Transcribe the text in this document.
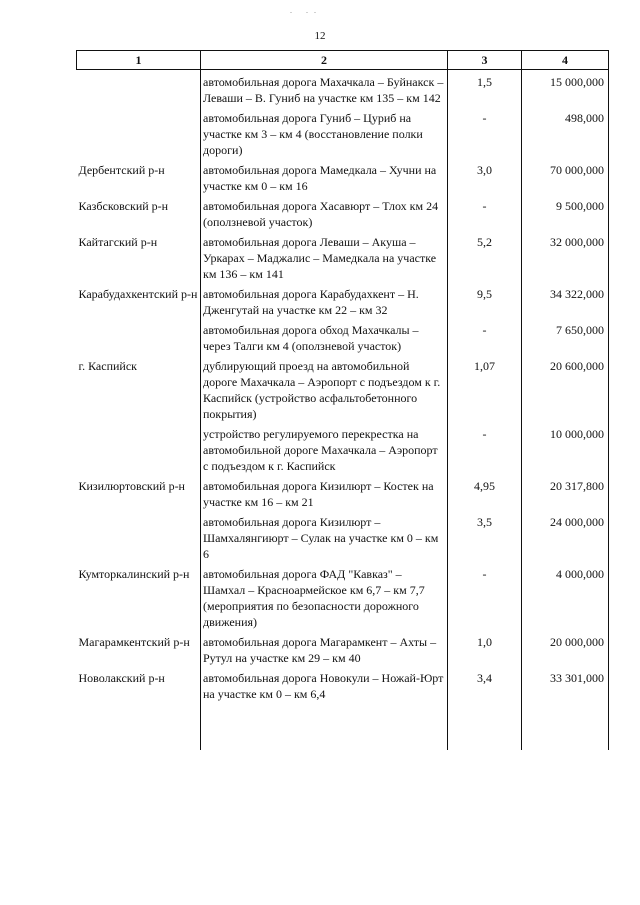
. ..
12
1	2	3	4

	автомобильная дорога Махачкала – Буйнакск – Леваши – В. Гуниб на участке км 135 – км 142	1,5	15 000,000
	автомобильная дорога Гуниб – Цуриб на участке км 3 – км 4 (восстановление полки дороги)	-	498,000
Дербентский р-н	автомобильная дорога Мамедкала – Хучни на участке км 0 – км 16	3,0	70 000,000
Казбсковский р-н	автомобильная дорога Хасавюрт – Тлох км 24 (оползневой участок)	-	9 500,000
Кайтагский р-н	автомобильная дорога Леваши – Акуша – Уркарах – Маджалис – Мамедкала на участке км 136 – км 141	5,2	32 000,000
Карабудахкентский р-н	автомобильная дорога Карабудахкент – Н. Дженгутай на участке км 22 – км 32	9,5	34 322,000
	автомобильная дорога обход Махачкалы – через Талги км 4 (оползневой участок)	-	7 650,000
г. Каспийск	дублирующий проезд на автомобильной дороге Махачкала – Аэропорт с подъездом к г. Каспийск (устройство асфальтобетонного покрытия)	1,07	20 600,000
	устройство регулируемого перекрестка на автомобильной дороге Махачкала – Аэропорт с подъездом к г. Каспийск	-	10 000,000
Кизилюртовский р-н	автомобильная дорога Кизилюрт – Костек на участке км 16 – км 21	4,95	20 317,800
	автомобильная дорога Кизилюрт – Шамхалянгиюрт – Сулак на участке км 0 – км 6	3,5	24 000,000
Кумторкалинский р-н	автомобильная дорога ФАД "Кавказ" – Шамхал – Красноармейское км 6,7 – км 7,7 (мероприятия по безопасности дорожного движения)	-	4 000,000
Магарамкентский р-н	автомобильная дорога Магарамкент – Ахты – Рутул на участке км 29 – км 40	1,0	20 000,000
Новолакский р-н	автомобильная дорога Новокули – Ножай-Юрт на участке км 0 – км 6,4	3,4	33 301,000
